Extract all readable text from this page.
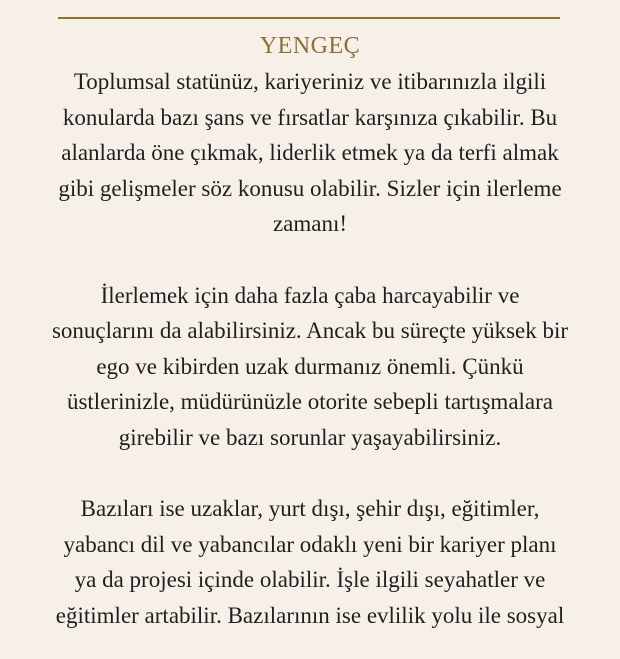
YENGEÇ

Toplumsal statünüz, kariyeriniz ve itibarınızla ilgili
konularda bazı şans ve fırsatlar karşınıza çıkabilir. Bu
alanlarda öne çıkmak, liderlik etmek ya da terfi almak
gibi gelişmeler söz konusu olabilir. Sizler için ilerleme
zamanı!

İlerlemek için daha fazla çaba harcayabilir ve
sonuçlarını da alabilirsiniz. Ancak bu süreçte yüksek bir
ego ve kibirden uzak durmanız önemli. Çünkü
üstlerinizle, müdürünüzle otorite sebepli tartışmalara
girebilir ve bazı sorunlar yaşayabilirsiniz.

Bazıları ise uzaklar, yurt dışı, şehir dışı, eğitimler,
yabancı dil ve yabancılar odaklı yeni bir kariyer planı
ya da projesi içinde olabilir. İşle ilgili seyahatler ve
eğitimler artabilir. Bazılarının ise evlilik yolu ile sosyal
